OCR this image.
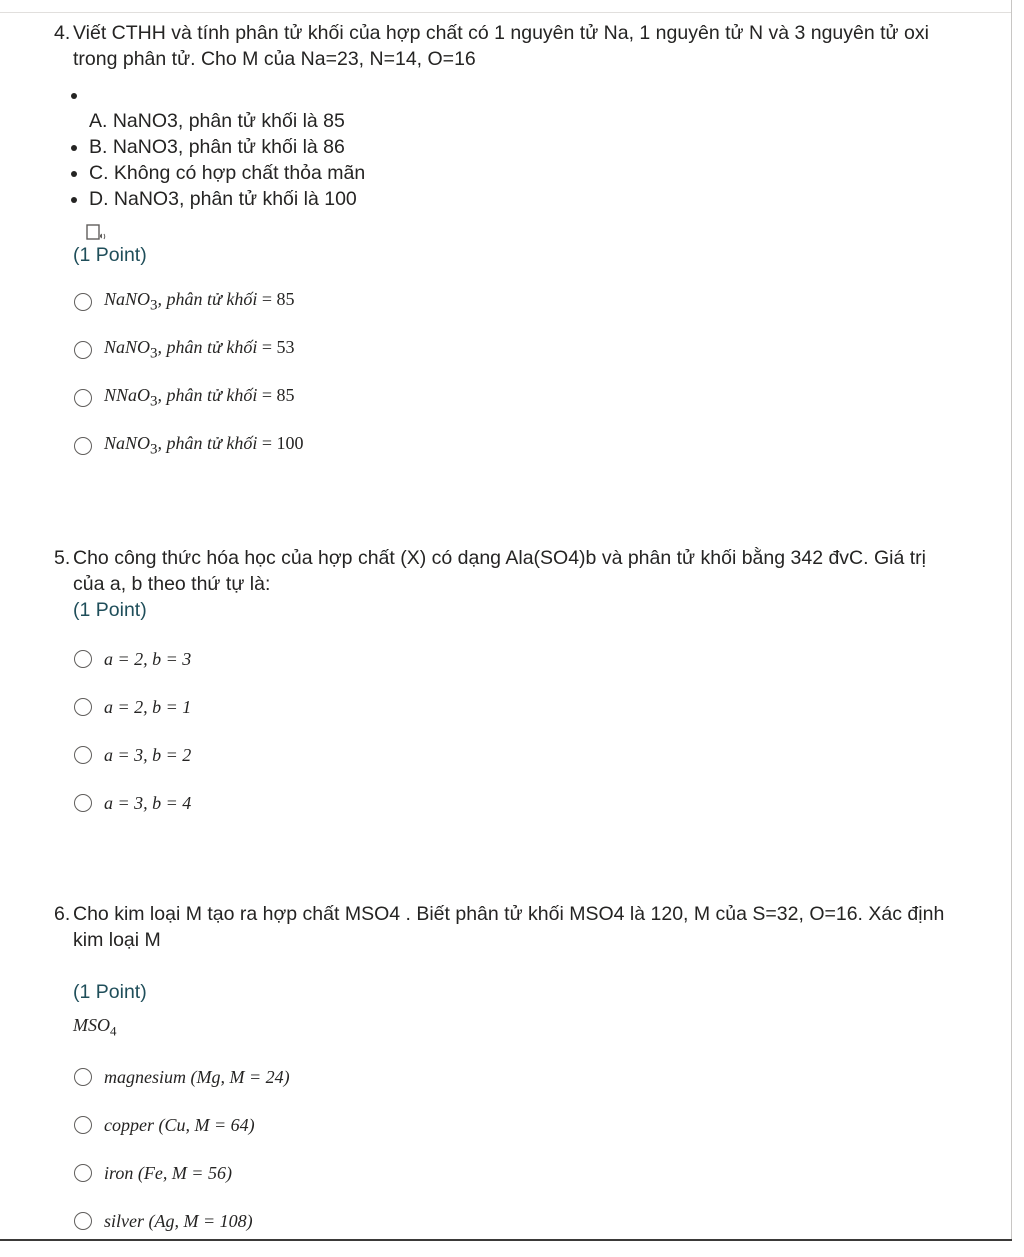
4. Viết CTHH và tính phân tử khối của hợp chất có 1 nguyên tử Na, 1 nguyên tử N và 3 nguyên tử oxi trong phân tử. Cho M của Na=23, N=14, O=16
•
A. NaNO3, phân tử khối là 85
• B. NaNO3, phân tử khối là 86
• C. Không có hợp chất thỏa mãn
• D. NaNO3, phân tử khối là 100
(1 Point)
NaNO$_3$, phân tử khối = 85
NaNO$_3$, phân tử khối = 53
NNaO$_3$, phân tử khối = 85
NaNO$_3$, phân tử khối = 100
5. Cho công thức hóa học của hợp chất (X) có dạng Ala(SO4)b và phân tử khối bằng 342 đvC. Giá trị của a, b theo thứ tự là:
(1 Point)
a = 2, b = 3
a = 2, b = 1
a = 3, b = 2
a = 3, b = 4
6. Cho kim loại M tạo ra hợp chất MSO4 . Biết phân tử khối MSO4 là 120, M của S=32, O=16. Xác định kim loại M
(1 Point)
$MSO_4$
magnesium (Mg, M = 24)
copper (Cu, M = 64)
iron (Fe, M = 56)
silver (Ag, M = 108)
